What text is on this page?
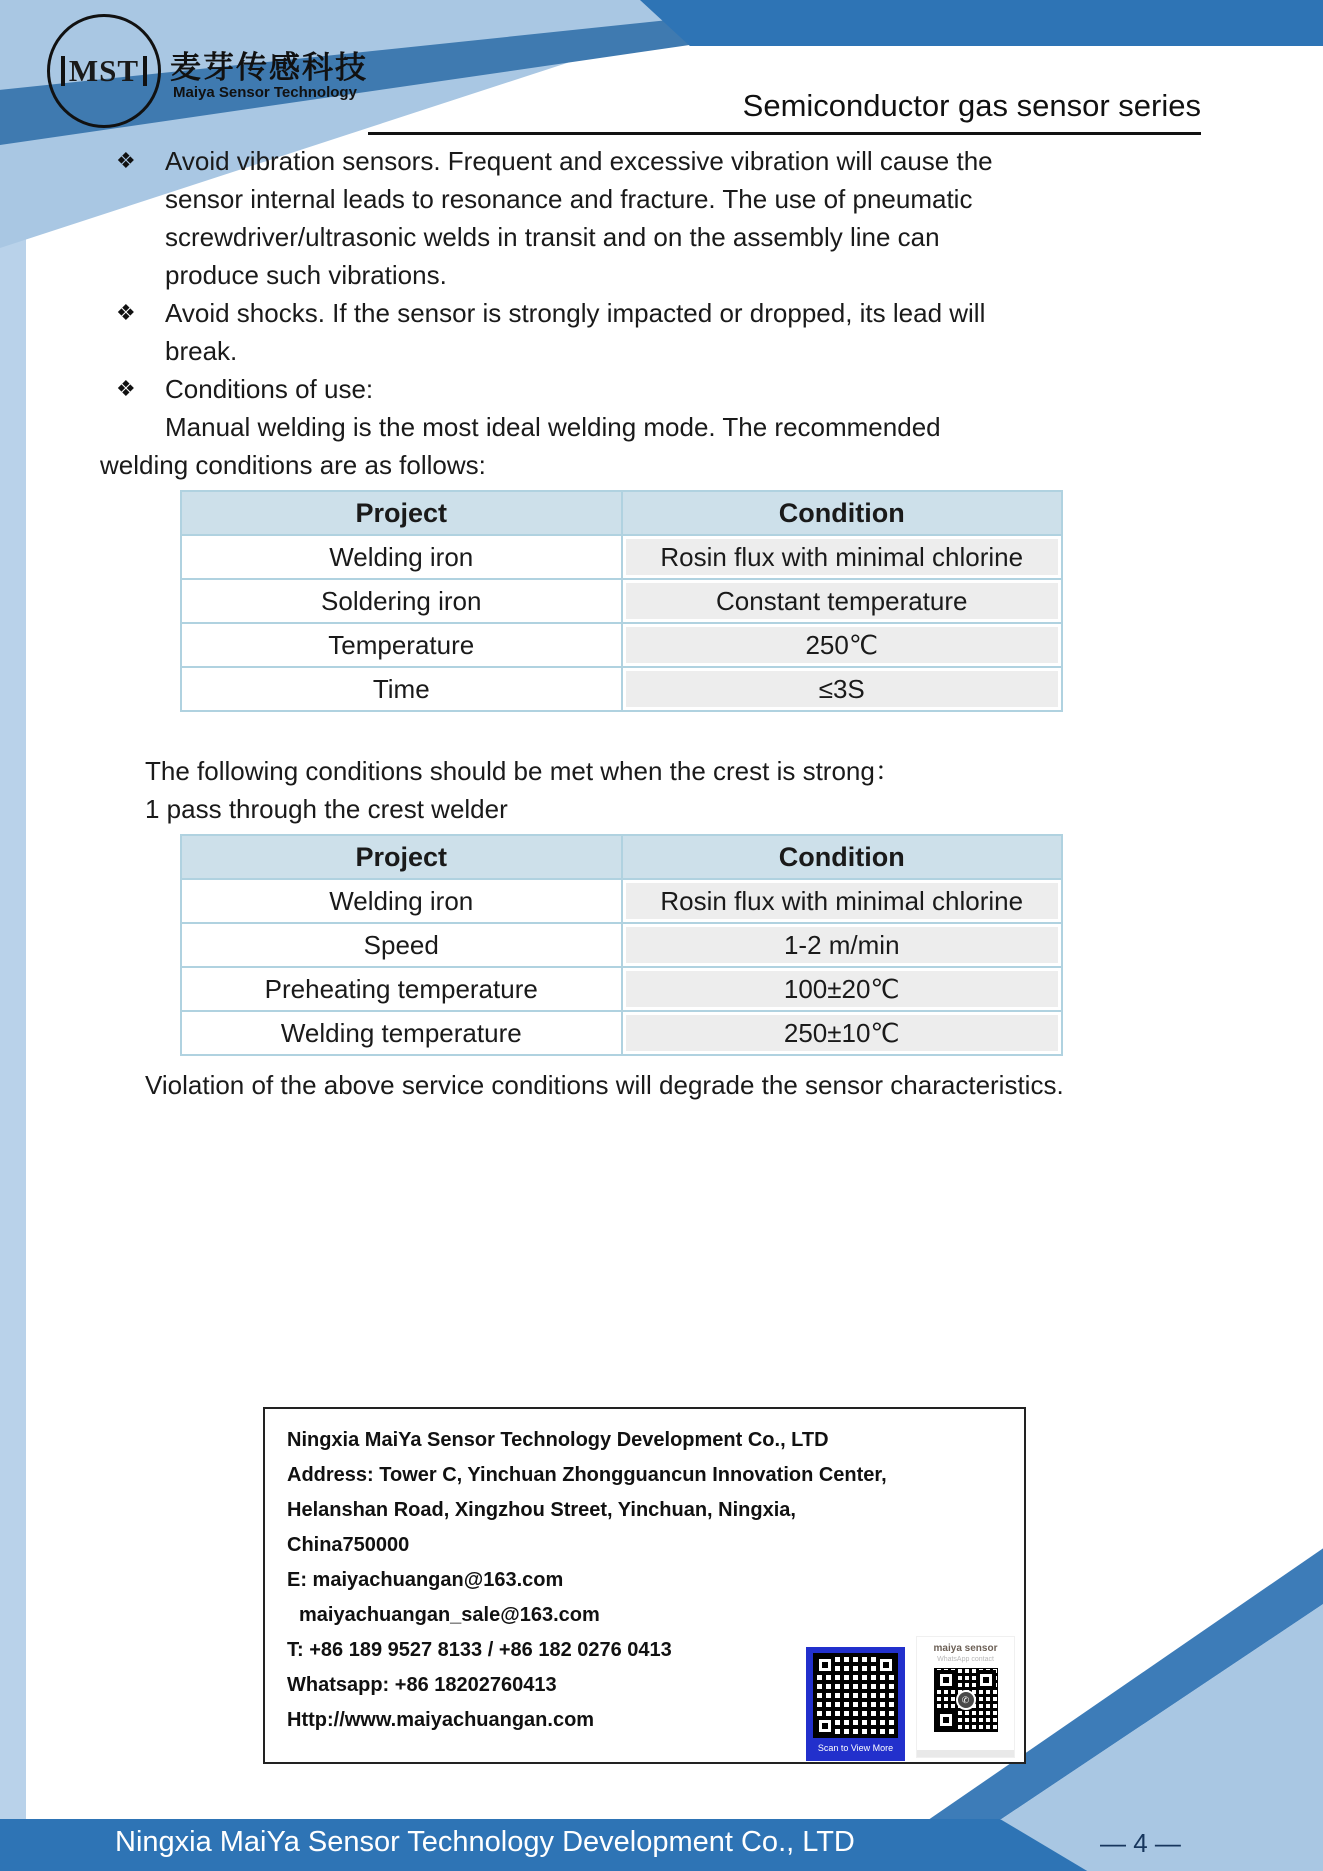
MST 麦芽传感科技
Maiya Sensor Technology	Semiconductor gas sensor series
❖ Avoid vibration sensors. Frequent and excessive vibration will cause the sensor internal leads to resonance and fracture. The use of pneumatic screwdriver/ultrasonic welds in transit and on the assembly line can produce such vibrations.
❖ Avoid shocks. If the sensor is strongly impacted or dropped, its lead will break.
❖ Conditions of use:

Manual welding is the most ideal welding mode. The recommended welding conditions are as follows:

Project	Condition
Welding iron	Rosin flux with minimal chlorine
Soldering iron	Constant temperature
Temperature	250℃
Time	≤3S
The following conditions should be met when the crest is strong：
1 pass through the crest welder
Project	Condition
Welding iron	Rosin flux with minimal chlorine
Speed	1-2 m/min
Preheating temperature	100±20℃
Welding temperature	250±10℃
Violation of the above service conditions will degrade the sensor characteristics.
Ningxia MaiYa Sensor Technology Development Co., LTD
Address: Tower C, Yinchuan Zhongguancun Innovation Center,
Helanshan Road, Xingzhou Street, Yinchuan, Ningxia, China750000
E: maiyachuangan@163.com
maiyachuangan_sale@163.com
T: +86 189 9527 8133 / +86 182 0276 0413
Whatsapp: +86 18202760413
Http://www.maiyachuangan.com
Scan to View More
maiya sensor
WhatsApp contact
✆
Ningxia MaiYa Sensor Technology Development Co., LTD	— 4 —
